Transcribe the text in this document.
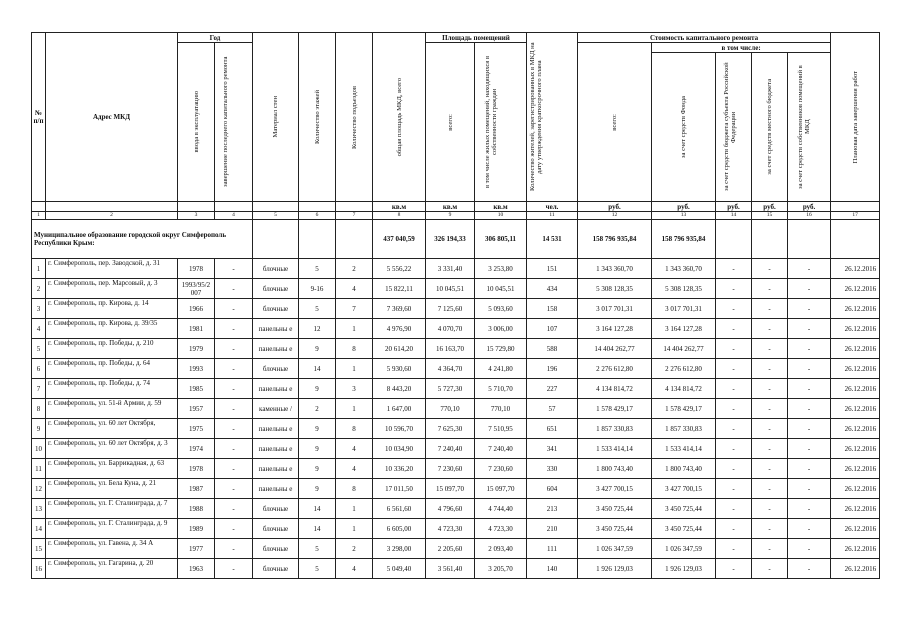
№ п/п	Адрес МКД	Год		Материал стен	Количество этажей	Количество подъездов	общая площадь МКД, всего	Площадь помещений		Количество жителей, зарегистрированных в МКД на дату утверждения краткосрочного плана	Стоимость капитального ремонта					Плановая дата завершения работ

		ввода в эксплуатацию	завершение последнего капитального ремонта					всего:	в том числе жилых помещений, находящихся в собственности граждан		всего:	в том числе:				

												за счет средств Фонда	за счет средств бюджета субъекта Российской Федерации	за счет средств местного бюджета	за счет средств собственников помещений в МКД	

							кв.м	кв.м	кв.м	чел.	руб.	руб.	руб.	руб.	руб.	
1	2	3	4	5	6	7	8	9	10	11	12	13	14	15	16	17
Муниципальное образование городской округ Симферополь Республики Крым:							437 040,59	326 194,33	306 805,11	14 531	158 796 935,84	158 796 935,84				
1	г. Симферополь, пер. Заводской, д. 31	1978	-	блочные	5	2	5 556,22	3 331,40	3 253,80	151	1 343 360,70	1 343 360,70	-	-	-	26.12.2016
2	г. Симферополь, пер. Марсовый, д. 3	1993/95/2 007	-	блочные	9-16	4	15 822,11	10 045,51	10 045,51	434	5 308 128,35	5 308 128,35	-	-	-	26.12.2016
3	г. Симферополь, пр. Кирова, д. 14	1966	-	блочные	5	7	7 369,60	7 125,60	5 093,60	158	3 017 701,31	3 017 701,31	-	-	-	26.12.2016
4	г. Симферополь, пр. Кирова, д. 39/35	1981	-	панельны е	12	1	4 976,90	4 070,70	3 006,00	107	3 164 127,28	3 164 127,28	-	-	-	26.12.2016
5	г. Симферополь, пр. Победы, д. 210	1979	-	панельны е	9	8	20 614,20	16 163,70	15 729,80	588	14 404 262,77	14 404 262,77	-	-	-	26.12.2016
6	г. Симферополь, пр. Победы, д. 64	1993	-	блочные	14	1	5 930,60	4 364,70	4 241,80	196	2 276 612,80	2 276 612,80	-	-	-	26.12.2016
7	г. Симферополь, пр. Победы, д. 74	1985	-	панельны е	9	3	8 443,20	5 727,30	5 710,70	227	4 134 814,72	4 134 814,72	-	-	-	26.12.2016
8	г. Симферополь, ул. 51-й Армии, д. 59	1957	-	каменные /	2	1	1 647,00	770,10	770,10	57	1 578 429,17	1 578 429,17	-	-	-	26.12.2016
9	г. Симферополь, ул. 60 лет Октября,	1975	-	панельны е	9	8	10 596,70	7 625,30	7 510,95	651	1 857 330,83	1 857 330,83	-	-	-	26.12.2016
10	г. Симферополь, ул. 60 лет Октября, д. 3	1974	-	панельны е	9	4	10 034,90	7 240,40	7 240,40	341	1 533 414,14	1 533 414,14	-	-	-	26.12.2016
11	г. Симферополь, ул. Баррикадная, д. 63	1978	-	панельны е	9	4	10 336,20	7 230,60	7 230,60	330	1 800 743,40	1 800 743,40	-	-	-	26.12.2016
12	г. Симферополь, ул. Бела Куна, д. 21	1987	-	панельны е	9	8	17 011,50	15 097,70	15 097,70	604	3 427 700,15	3 427 700,15	-	-	-	26.12.2016
13	г. Симферополь, ул. Г. Сталинграда, д. 7	1988	-	блочные	14	1	6 561,60	4 796,60	4 744,40	213	3 450 725,44	3 450 725,44	-	-	-	26.12.2016
14	г. Симферополь, ул. Г. Сталинграда, д. 9	1989	-	блочные	14	1	6 605,00	4 723,30	4 723,30	210	3 450 725,44	3 450 725,44	-	-	-	26.12.2016
15	г. Симферополь, ул. Гавена, д. 34 А	1977	-	блочные	5	2	3 298,00	2 205,60	2 093,40	111	1 026 347,59	1 026 347,59	-	-	-	26.12.2016
16	г. Симферополь, ул. Гагарина, д. 20	1963	-	блочные	5	4	5 049,40	3 561,40	3 205,70	140	1 926 129,03	1 926 129,03	-	-	-	26.12.2016
